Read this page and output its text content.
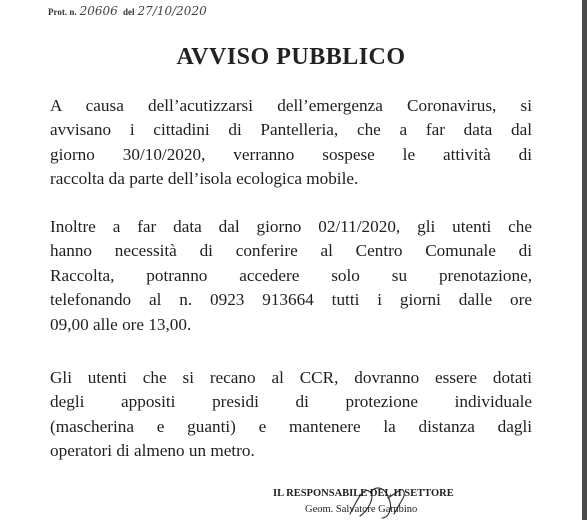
Prot. n. 20606 del 27/10/2020
AVVISO PUBBLICO
A causa dell’acutizzarsi dell’emergenza Coronavirus, si
avvisano i cittadini di Pantelleria, che a far data dal
giorno 30/10/2020, verranno sospese le attività di
raccolta da parte dell’isola ecologica mobile.
Inoltre a far data dal giorno 02/11/2020, gli utenti che
hanno necessità di conferire al Centro Comunale di
Raccolta, potranno accedere solo su prenotazione,
telefonando al n. 0923 913664 tutti i giorni dalle ore
09,00 alle ore 13,00.
Gli utenti che si recano al CCR, dovranno essere dotati
degli appositi presidi di protezione individuale
(mascherina e guanti) e mantenere la distanza dagli
operatori di almeno un metro.
IL RESPONSABILE DEL II SETTORE
Geom. Salvatore Gambino
